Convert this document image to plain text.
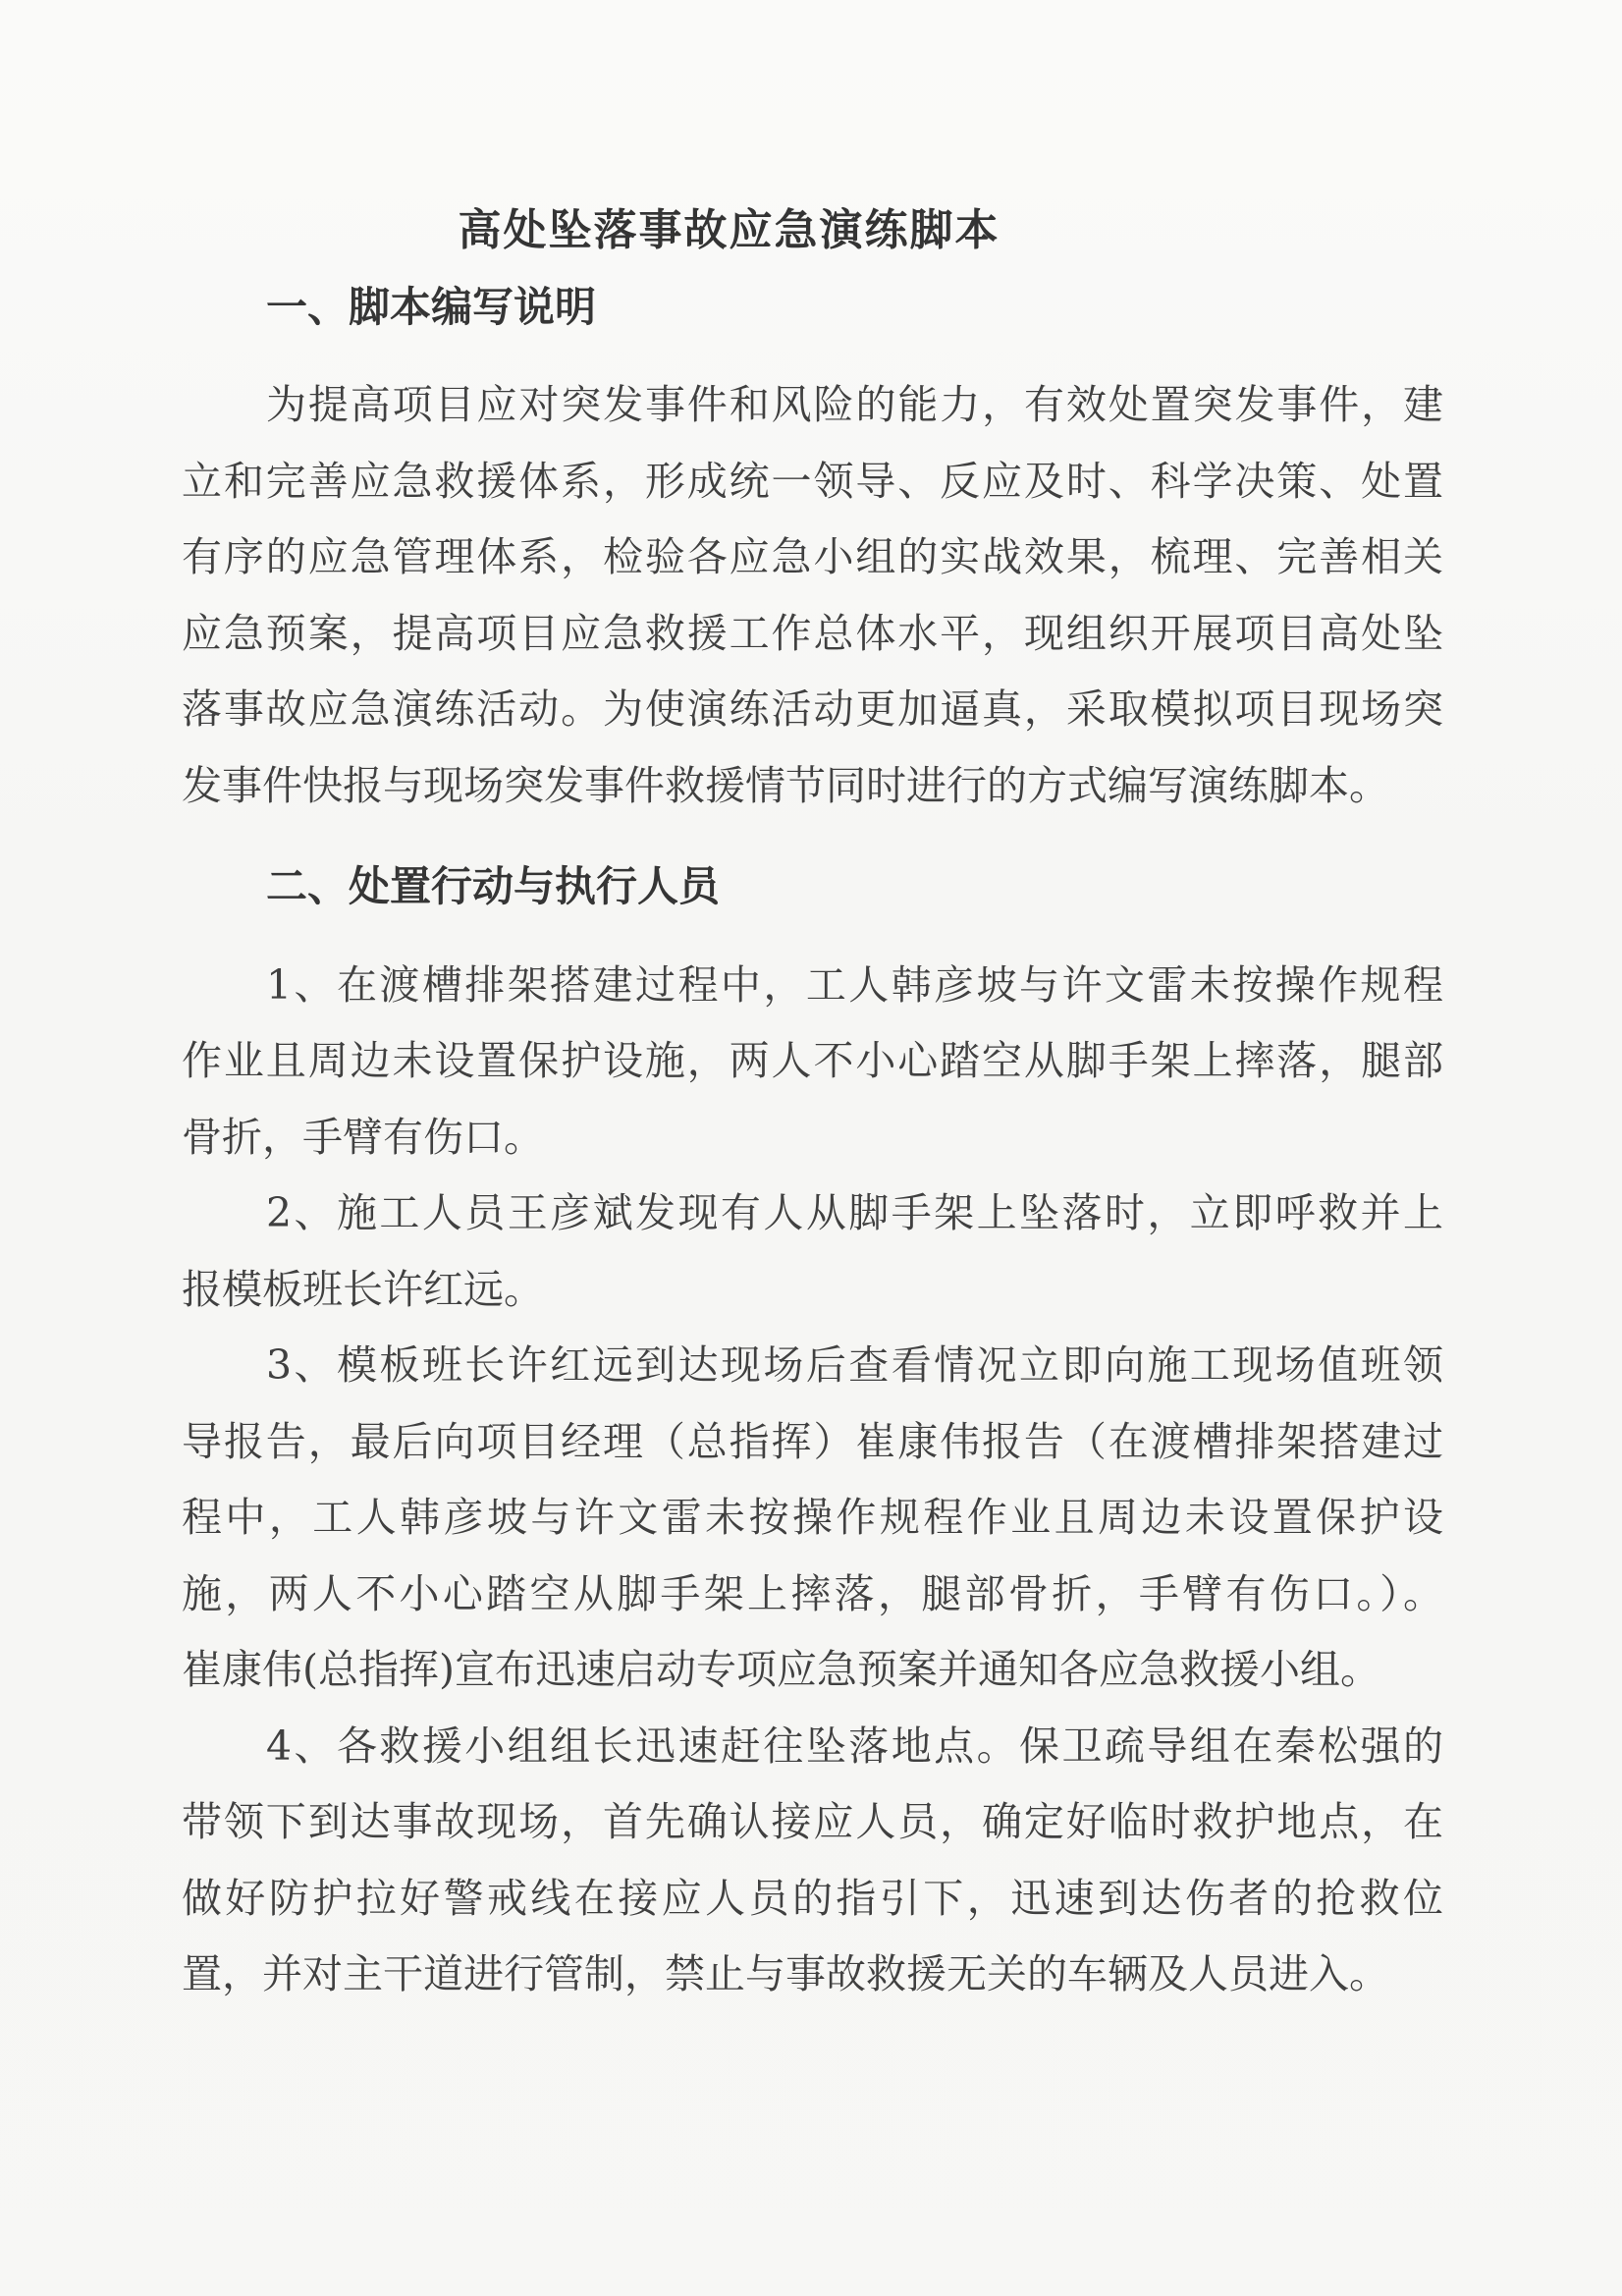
高处坠落事故应急演练脚本
一、脚本编写说明
为提高项目应对突发事件和风险的能力，有效处置突发事件，建
立和完善应急救援体系，形成统一领导、反应及时、科学决策、处置
有序的应急管理体系，检验各应急小组的实战效果，梳理、完善相关
应急预案，提高项目应急救援工作总体水平，现组织开展项目高处坠
落事故应急演练活动。为使演练活动更加逼真，采取模拟项目现场突
发事件快报与现场突发事件救援情节同时进行的方式编写演练脚本。
二、处置行动与执行人员
1、在渡槽排架搭建过程中，工人韩彦坡与许文雷未按操作规程
作业且周边未设置保护设施，两人不小心踏空从脚手架上摔落，腿部
骨折，手臂有伤口。
2、施工人员王彦斌发现有人从脚手架上坠落时，立即呼救并上
报模板班长许红远。
3、模板班长许红远到达现场后查看情况立即向施工现场值班领
导报告，最后向项目经理（总指挥）崔康伟报告（在渡槽排架搭建过
程中，工人韩彦坡与许文雷未按操作规程作业且周边未设置保护设
施，两人不小心踏空从脚手架上摔落，腿部骨折，手臂有伤口。）。
崔康伟(总指挥)宣布迅速启动专项应急预案并通知各应急救援小组。
4、各救援小组组长迅速赶往坠落地点。保卫疏导组在秦松强的
带领下到达事故现场，首先确认接应人员，确定好临时救护地点，在
做好防护拉好警戒线在接应人员的指引下，迅速到达伤者的抢救位
置，并对主干道进行管制，禁止与事故救援无关的车辆及人员进入。
